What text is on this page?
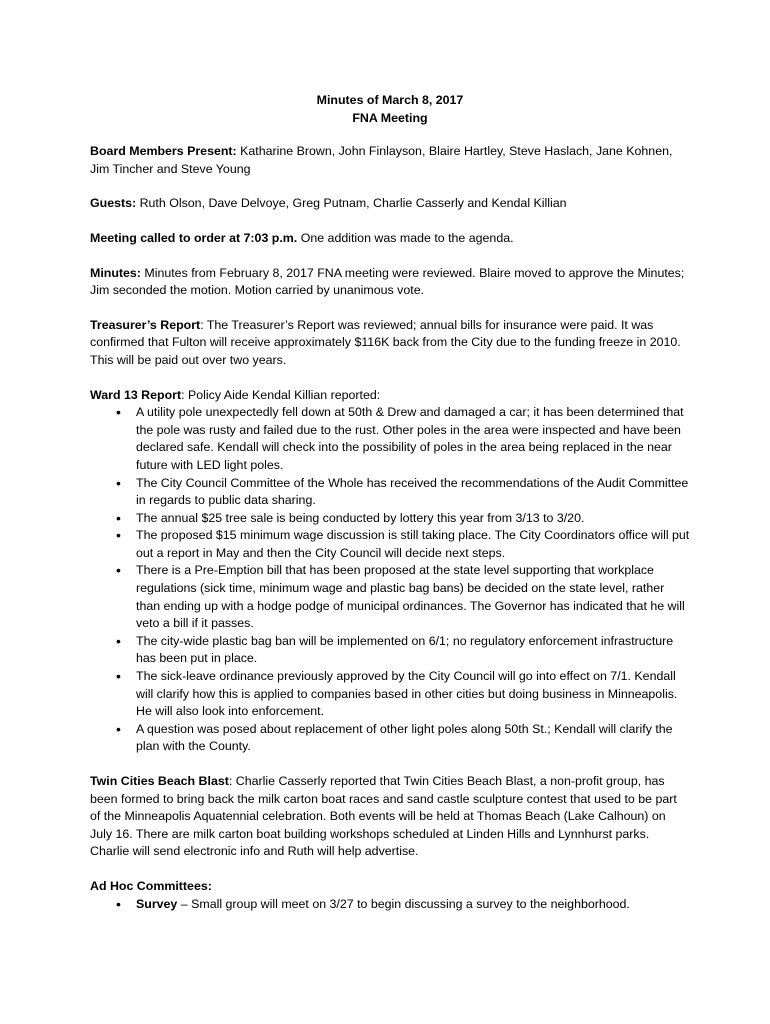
Minutes of March 8, 2017
FNA Meeting
Board Members Present: Katharine Brown, John Finlayson, Blaire Hartley, Steve Haslach, Jane Kohnen, Jim Tincher and Steve Young
Guests: Ruth Olson, Dave Delvoye, Greg Putnam, Charlie Casserly and Kendal Killian
Meeting called to order at 7:03 p.m. One addition was made to the agenda.
Minutes: Minutes from February 8, 2017 FNA meeting were reviewed. Blaire moved to approve the Minutes; Jim seconded the motion. Motion carried by unanimous vote.
Treasurer’s Report: The Treasurer’s Report was reviewed; annual bills for insurance were paid. It was confirmed that Fulton will receive approximately $116K back from the City due to the funding freeze in 2010. This will be paid out over two years.
Ward 13 Report: Policy Aide Kendal Killian reported:
• A utility pole unexpectedly fell down at 50th & Drew and damaged a car; it has been determined that the pole was rusty and failed due to the rust. Other poles in the area were inspected and have been declared safe. Kendall will check into the possibility of poles in the area being replaced in the near future with LED light poles.
• The City Council Committee of the Whole has received the recommendations of the Audit Committee in regards to public data sharing.
• The annual $25 tree sale is being conducted by lottery this year from 3/13 to 3/20.
• The proposed $15 minimum wage discussion is still taking place. The City Coordinators office will put out a report in May and then the City Council will decide next steps.
• There is a Pre-Emption bill that has been proposed at the state level supporting that workplace regulations (sick time, minimum wage and plastic bag bans) be decided on the state level, rather than ending up with a hodge podge of municipal ordinances. The Governor has indicated that he will veto a bill if it passes.
• The city-wide plastic bag ban will be implemented on 6/1; no regulatory enforcement infrastructure has been put in place.
• The sick-leave ordinance previously approved by the City Council will go into effect on 7/1. Kendall will clarify how this is applied to companies based in other cities but doing business in Minneapolis. He will also look into enforcement.
• A question was posed about replacement of other light poles along 50th St.; Kendall will clarify the plan with the County.
Twin Cities Beach Blast: Charlie Casserly reported that Twin Cities Beach Blast, a non-profit group, has been formed to bring back the milk carton boat races and sand castle sculpture contest that used to be part of the Minneapolis Aquatennial celebration. Both events will be held at Thomas Beach (Lake Calhoun) on July 16. There are milk carton boat building workshops scheduled at Linden Hills and Lynnhurst parks. Charlie will send electronic info and Ruth will help advertise.
Ad Hoc Committees:
• Survey – Small group will meet on 3/27 to begin discussing a survey to the neighborhood.
